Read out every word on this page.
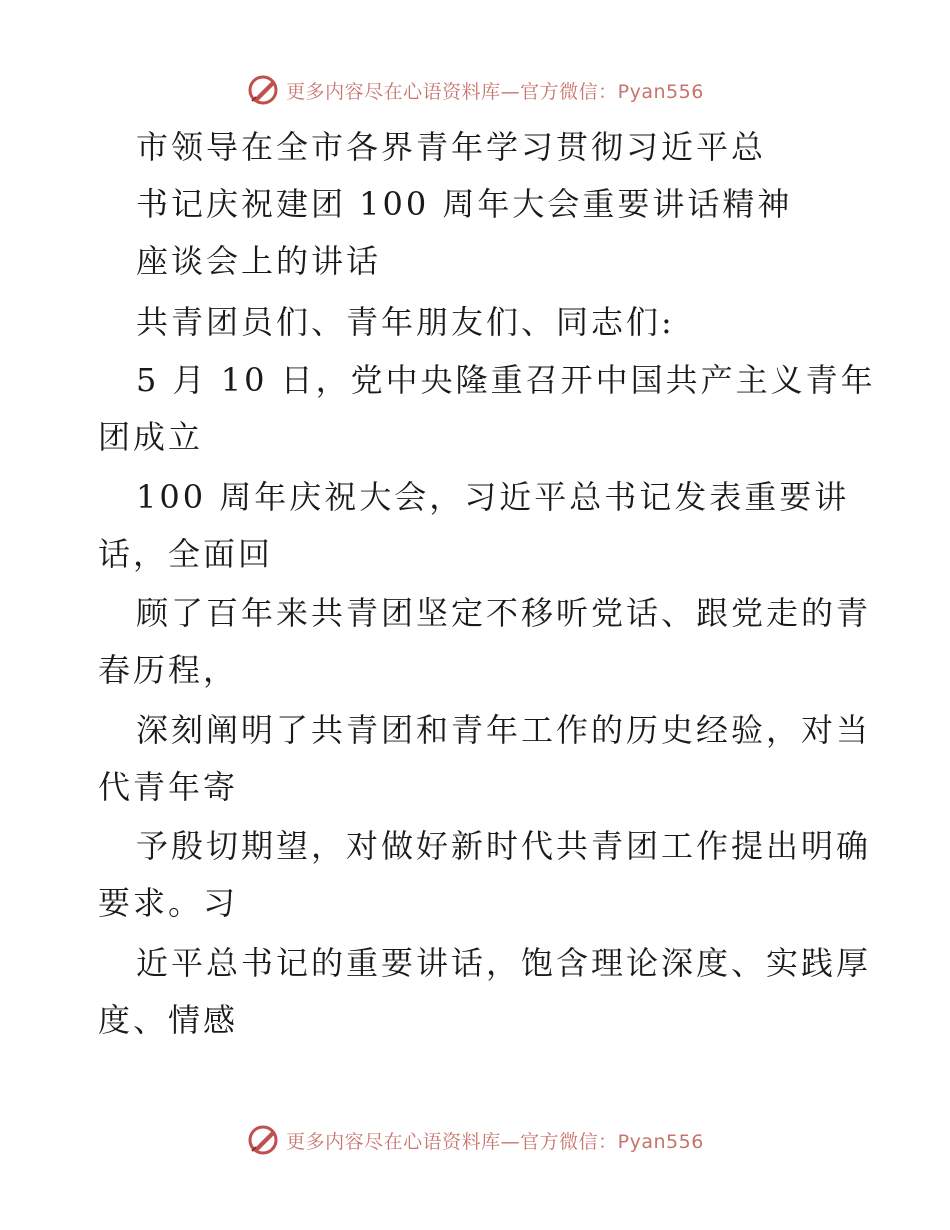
更多内容尽在心语资料库—官方微信：Pyan556
市领导在全市各界青年学习贯彻习近平总
书记庆祝建团 100 周年大会重要讲话精神
座谈会上的讲话
共青团员们、青年朋友们、同志们:
5 月 10 日，党中央隆重召开中国共产主义青年
团成立
100 周年庆祝大会，习近平总书记发表重要讲
话，全面回
顾了百年来共青团坚定不移听党话、跟党走的青
春历程，
深刻阐明了共青团和青年工作的历史经验，对当
代青年寄
予殷切期望，对做好新时代共青团工作提出明确
要求。习
近平总书记的重要讲话，饱含理论深度、实践厚
度、情感
更多内容尽在心语资料库—官方微信：Pyan556
